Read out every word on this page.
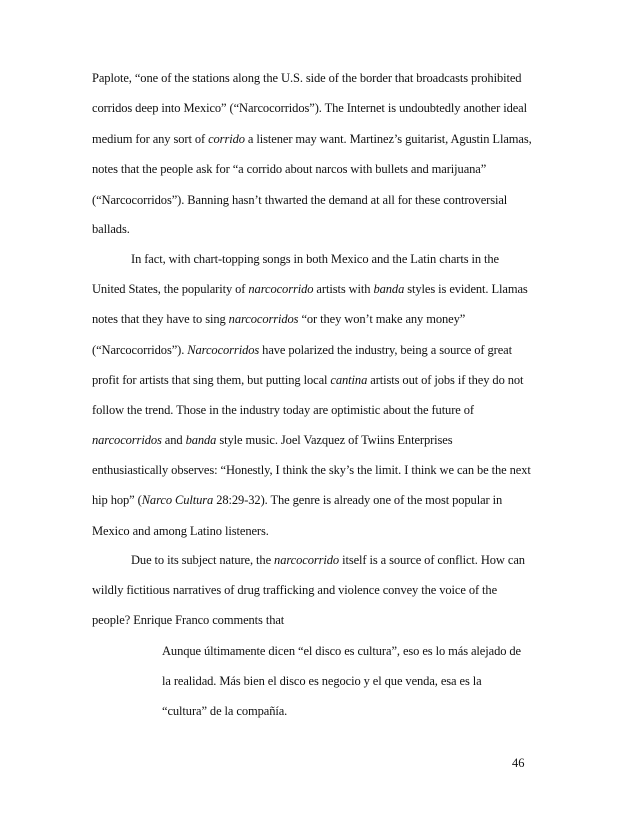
Paplote, “one of the stations along the U.S. side of the border that broadcasts prohibited
corridos deep into Mexico” (“Narcocorridos”). The Internet is undoubtedly another ideal
medium for any sort of corrido a listener may want. Martinez’s guitarist, Agustin Llamas,
notes that the people ask for “a corrido about narcos with bullets and marijuana”
(“Narcocorridos”). Banning hasn’t thwarted the demand at all for these controversial
ballads.
In fact, with chart-topping songs in both Mexico and the Latin charts in the
United States, the popularity of narcocorrido artists with banda styles is evident. Llamas
notes that they have to sing narcocorridos “or they won’t make any money”
(“Narcocorridos”). Narcocorridos have polarized the industry, being a source of great
profit for artists that sing them, but putting local cantina artists out of jobs if they do not
follow the trend. Those in the industry today are optimistic about the future of
narcocorridos and banda style music. Joel Vazquez of Twiins Enterprises
enthusiastically observes: “Honestly, I think the sky’s the limit. I think we can be the next
hip hop” (Narco Cultura 28:29-32). The genre is already one of the most popular in
Mexico and among Latino listeners.
Due to its subject nature, the narcocorrido itself is a source of conflict. How can
wildly fictitious narratives of drug trafficking and violence convey the voice of the
people? Enrique Franco comments that
Aunque últimamente dicen “el disco es cultura”, eso es lo más alejado de
la realidad. Más bien el disco es negocio y el que venda, esa es la
“cultura” de la compañía.
46
